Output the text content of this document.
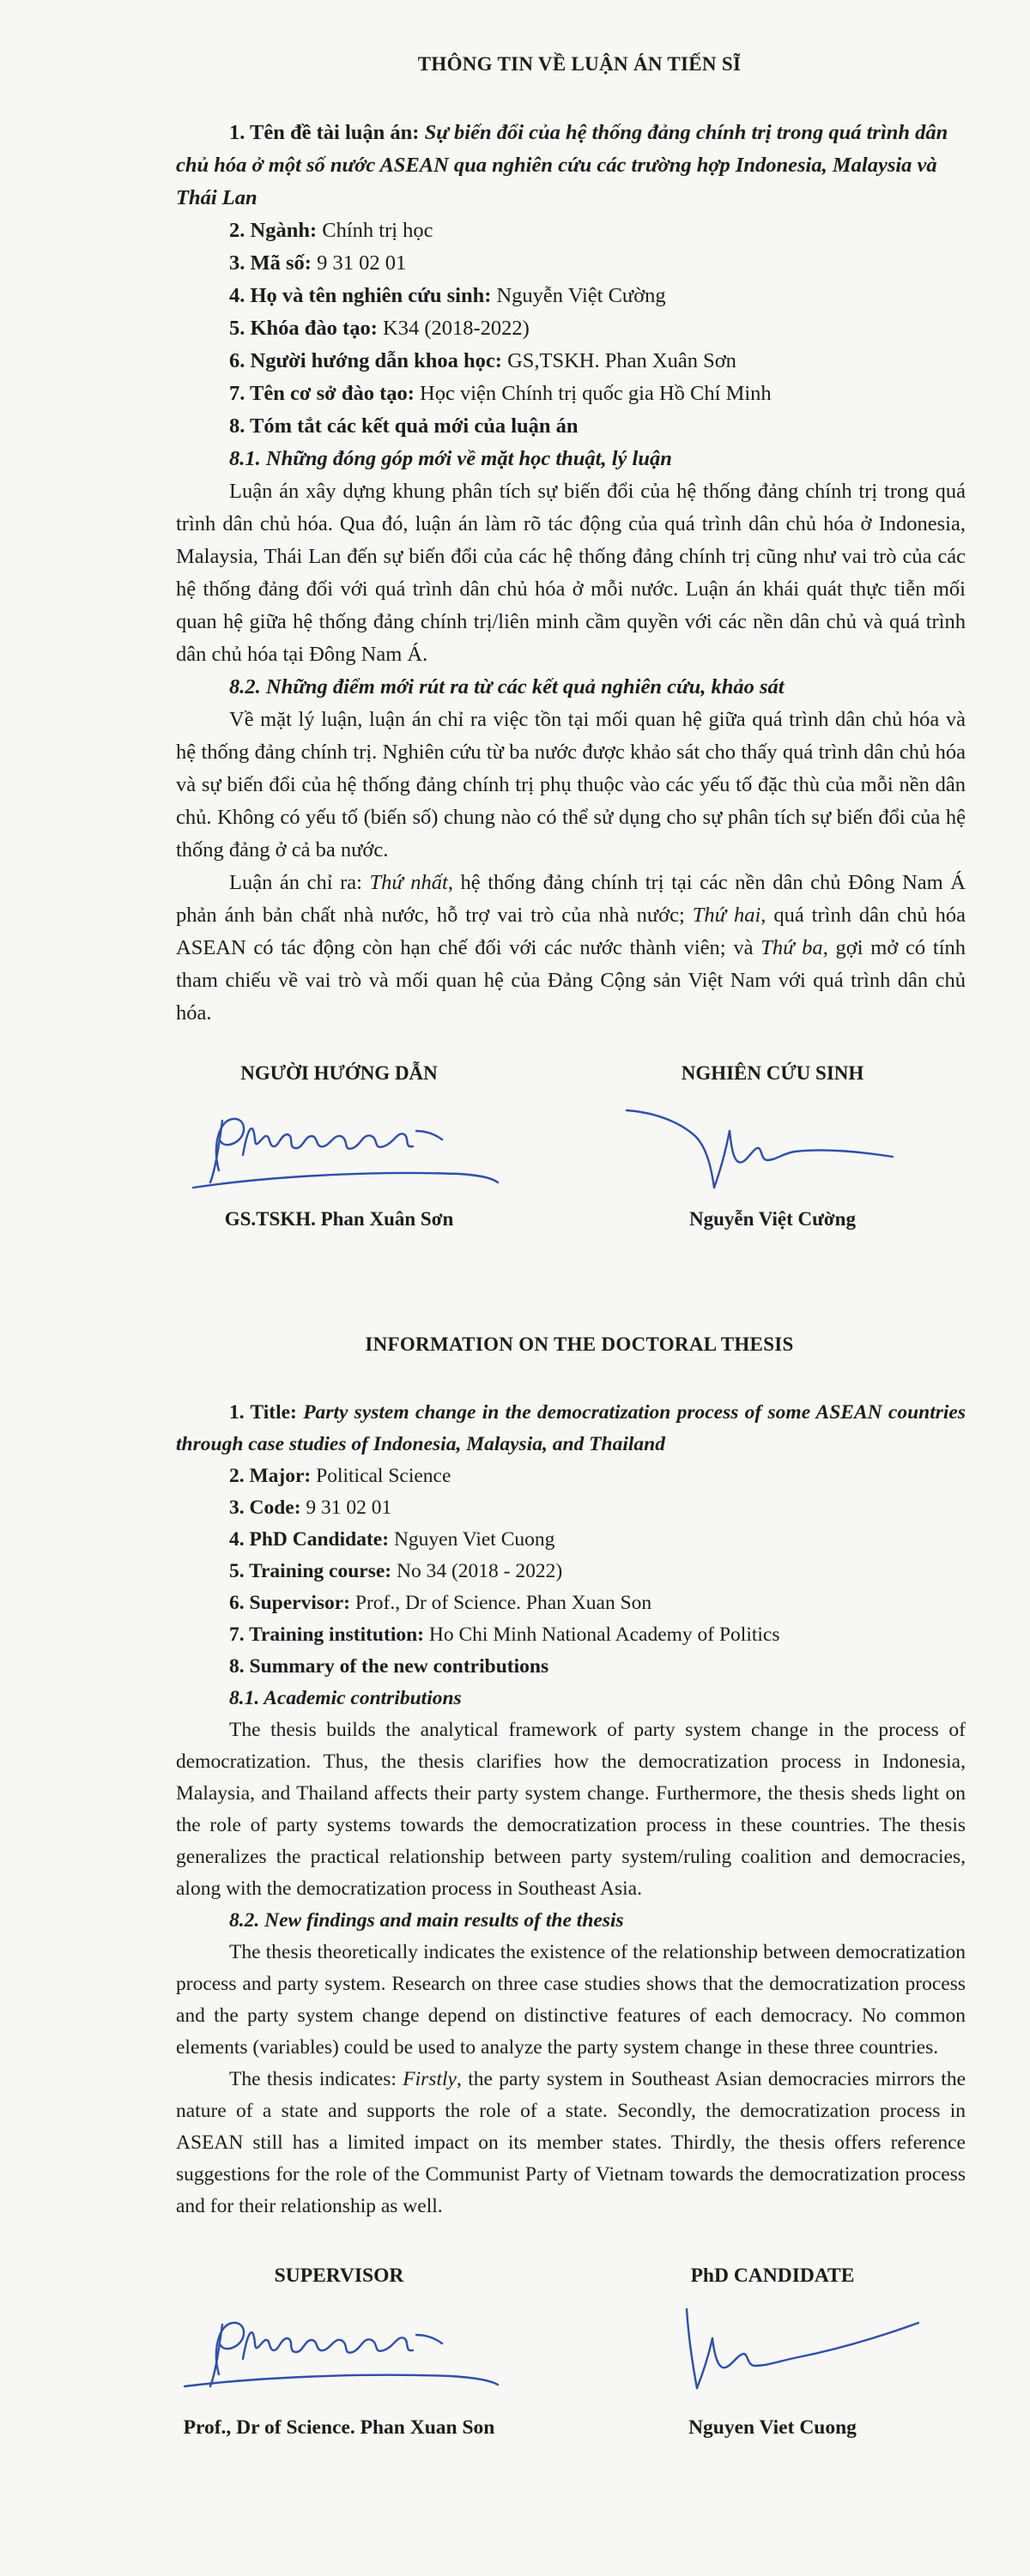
THÔNG TIN VỀ LUẬN ÁN TIẾN SĨ

1. Tên đề tài luận án: Sự biến đổi của hệ thống đảng chính trị trong quá trình dân chủ hóa ở một số nước ASEAN qua nghiên cứu các trường hợp Indonesia, Malaysia và Thái Lan

2. Ngành: Chính trị học

3. Mã số: 9 31 02 01

4. Họ và tên nghiên cứu sinh: Nguyễn Việt Cường

5. Khóa đào tạo: K34 (2018-2022)

6. Người hướng dẫn khoa học: GS,TSKH. Phan Xuân Sơn

7. Tên cơ sở đào tạo: Học viện Chính trị quốc gia Hồ Chí Minh

8. Tóm tắt các kết quả mới của luận án

8.1. Những đóng góp mới về mặt học thuật, lý luận

Luận án xây dựng khung phân tích sự biến đổi của hệ thống đảng chính trị trong quá trình dân chủ hóa. Qua đó, luận án làm rõ tác động của quá trình dân chủ hóa ở Indonesia, Malaysia, Thái Lan đến sự biến đổi của các hệ thống đảng chính trị cũng như vai trò của các hệ thống đảng đối với quá trình dân chủ hóa ở mỗi nước. Luận án khái quát thực tiễn mối quan hệ giữa hệ thống đảng chính trị/liên minh cầm quyền với các nền dân chủ và quá trình dân chủ hóa tại Đông Nam Á.

8.2. Những điểm mới rút ra từ các kết quả nghiên cứu, khảo sát

Về mặt lý luận, luận án chỉ ra việc tồn tại mối quan hệ giữa quá trình dân chủ hóa và hệ thống đảng chính trị. Nghiên cứu từ ba nước được khảo sát cho thấy quá trình dân chủ hóa và sự biến đổi của hệ thống đảng chính trị phụ thuộc vào các yếu tố đặc thù của mỗi nền dân chủ. Không có yếu tố (biến số) chung nào có thể sử dụng cho sự phân tích sự biến đổi của hệ thống đảng ở cả ba nước.

Luận án chỉ ra: Thứ nhất, hệ thống đảng chính trị tại các nền dân chủ Đông Nam Á phản ánh bản chất nhà nước, hỗ trợ vai trò của nhà nước; Thứ hai, quá trình dân chủ hóa ASEAN có tác động còn hạn chế đối với các nước thành viên; và Thứ ba, gợi mở có tính tham chiếu về vai trò và mối quan hệ của Đảng Cộng sản Việt Nam với quá trình dân chủ hóa.

NGƯỜI HƯỚNG DẪN

GS.TSKH. Phan Xuân Sơn

NGHIÊN CỨU SINH

Nguyễn Việt Cường

INFORMATION ON THE DOCTORAL THESIS

1. Title: Party system change in the democratization process of some ASEAN countries through case studies of Indonesia, Malaysia, and Thailand

2. Major: Political Science

3. Code: 9 31 02 01

4. PhD Candidate: Nguyen Viet Cuong

5. Training course: No 34 (2018 - 2022)

6. Supervisor: Prof., Dr of Science. Phan Xuan Son

7. Training institution: Ho Chi Minh National Academy of Politics

8. Summary of the new contributions

8.1. Academic contributions

The thesis builds the analytical framework of party system change in the process of democratization. Thus, the thesis clarifies how the democratization process in Indonesia, Malaysia, and Thailand affects their party system change. Furthermore, the thesis sheds light on the role of party systems towards the democratization process in these countries. The thesis generalizes the practical relationship between party system/ruling coalition and democracies, along with the democratization process in Southeast Asia.

8.2. New findings and main results of the thesis

The thesis theoretically indicates the existence of the relationship between democratization process and party system. Research on three case studies shows that the democratization process and the party system change depend on distinctive features of each democracy. No common elements (variables) could be used to analyze the party system change in these three countries.

The thesis indicates: Firstly, the party system in Southeast Asian democracies mirrors the nature of a state and supports the role of a state. Secondly, the democratization process in ASEAN still has a limited impact on its member states. Thirdly, the thesis offers reference suggestions for the role of the Communist Party of Vietnam towards the democratization process and for their relationship as well.

SUPERVISOR

Prof., Dr of Science. Phan Xuan Son

PhD CANDIDATE

Nguyen Viet Cuong
